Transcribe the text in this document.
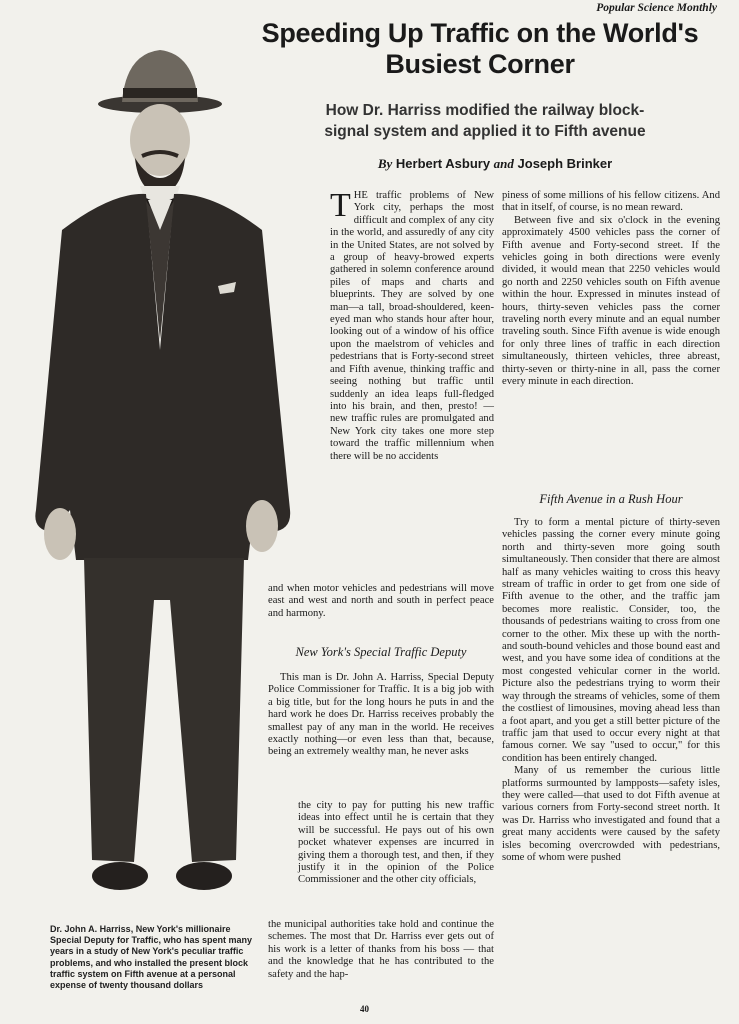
Popular Science Monthly
Speeding Up Traffic on the World's
Busiest Corner
How Dr. Harriss modified the railway block-
signal system and applied it to Fifth avenue
By Herbert Asbury and Joseph Brinker
Dr. John A. Harriss, New York's millionaire Special Deputy for Traffic, who has spent many years in a study of New York's peculiar traffic problems, and who installed the present block traffic system on Fifth avenue at a personal expense of twenty thousand dollars

THE traffic problems of New York city, perhaps the most difficult and complex of any city in the world, and assuredly of any city in the United States, are not solved by a group of heavy-browed experts gathered in solemn conference around piles of maps and charts and blueprints. They are solved by one man—a tall, broad-shouldered, keen-eyed man who stands hour after hour, looking out of a window of his office upon the maelstrom of vehicles and pedestrians that is Forty-second street and Fifth avenue, thinking traffic and seeing nothing but traffic until suddenly an idea leaps full-fledged into his brain, and then, presto! — new traffic rules are promulgated and New York city takes one more step toward the traffic millennium when there will be no accidents

and when motor vehicles and pedestrians will move east and west and north and south in perfect peace and harmony.

New York's Special Traffic Deputy

This man is Dr. John A. Harriss, Special Deputy Police Commissioner for Traffic. It is a big job with a big title, but for the long hours he puts in and the hard work he does Dr. Harriss receives probably the smallest pay of any man in the world. He receives exactly nothing—or even less than that, because, being an extremely wealthy man, he never asks

the city to pay for putting his new traffic ideas into effect until he is certain that they will be successful. He pays out of his own pocket whatever expenses are incurred in giving them a thorough test, and then, if they justify it in the opinion of the Police Commissioner and the other city officials,

the municipal authorities take hold and continue the schemes. The most that Dr. Harriss ever gets out of his work is a letter of thanks from his boss — that and the knowledge that he has contributed to the safety and the hap-

piness of some millions of his fellow citizens. And that in itself, of course, is no mean reward.

Between five and six o'clock in the evening approximately 4500 vehicles pass the corner of Fifth avenue and Forty-second street. If the vehicles going in both directions were evenly divided, it would mean that 2250 vehicles would go north and 2250 vehicles south on Fifth avenue within the hour. Expressed in minutes instead of hours, thirty-seven vehicles pass the corner traveling north every minute and an equal number traveling south. Since Fifth avenue is wide enough for only three lines of traffic in each direction simultaneously, thirteen vehicles, three abreast, thirty-seven or thirty-nine in all, pass the corner every minute in each direction.

Fifth Avenue in a Rush Hour

Try to form a mental picture of thirty-seven vehicles passing the corner every minute going north and thirty-seven more going south simultaneously. Then consider that there are almost half as many vehicles waiting to cross this heavy stream of traffic in order to get from one side of Fifth avenue to the other, and the traffic jam becomes more realistic. Consider, too, the thousands of pedestrians waiting to cross from one corner to the other. Mix these up with the north- and south-bound vehicles and those bound east and west, and you have some idea of conditions at the most congested vehicular corner in the world. Picture also the pedestrians trying to worm their way through the streams of vehicles, some of them the costliest of limousines, moving ahead less than a foot apart, and you get a still better picture of the traffic jam that used to occur every night at that famous corner. We say "used to occur," for this condition has been entirely changed.

Many of us remember the curious little platforms surmounted by lampposts—safety isles, they were called—that used to dot Fifth avenue at various corners from Forty-second street north. It was Dr. Harriss who investigated and found that a great many accidents were caused by the safety isles becoming overcrowded with pedestrians, some of whom were pushed

40
